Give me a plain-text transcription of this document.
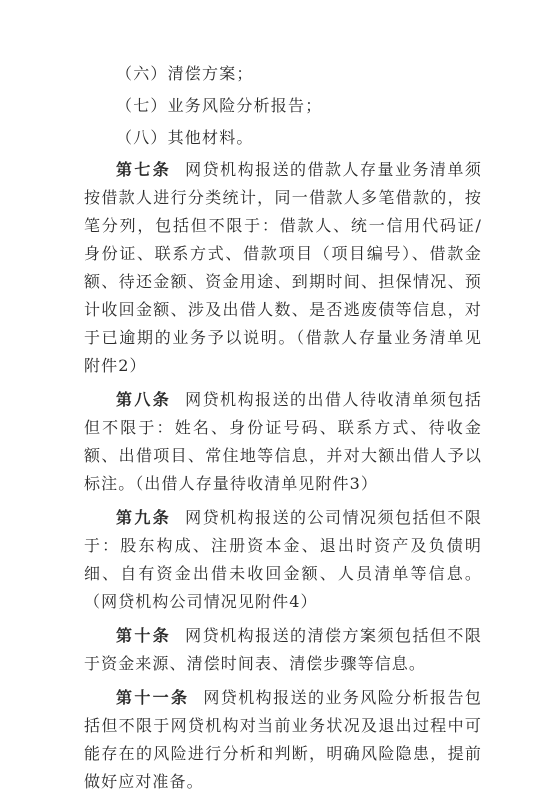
（六）清偿方案；
（七）业务风险分析报告；
（八）其他材料。

第七条 网贷机构报送的借款人存量业务清单须按借款人进行分类统计，同一借款人多笔借款的，按笔分列，包括但不限于：借款人、统一信用代码证/身份证、联系方式、借款项目（项目编号）、借款金额、待还金额、资金用途、到期时间、担保情况、预计收回金额、涉及出借人数、是否逃废债等信息，对于已逾期的业务予以说明。（借款人存量业务清单见附件2）

第八条 网贷机构报送的出借人待收清单须包括但不限于：姓名、身份证号码、联系方式、待收金额、出借项目、常住地等信息，并对大额出借人予以标注。（出借人存量待收清单见附件3）

第九条 网贷机构报送的公司情况须包括但不限于：股东构成、注册资本金、退出时资产及负债明细、自有资金出借未收回金额、人员清单等信息。（网贷机构公司情况见附件4）

第十条 网贷机构报送的清偿方案须包括但不限于资金来源、清偿时间表、清偿步骤等信息。

第十一条 网贷机构报送的业务风险分析报告包括但不限于网贷机构对当前业务状况及退出过程中可能存在的风险进行分析和判断，明确风险隐患，提前做好应对准备。
